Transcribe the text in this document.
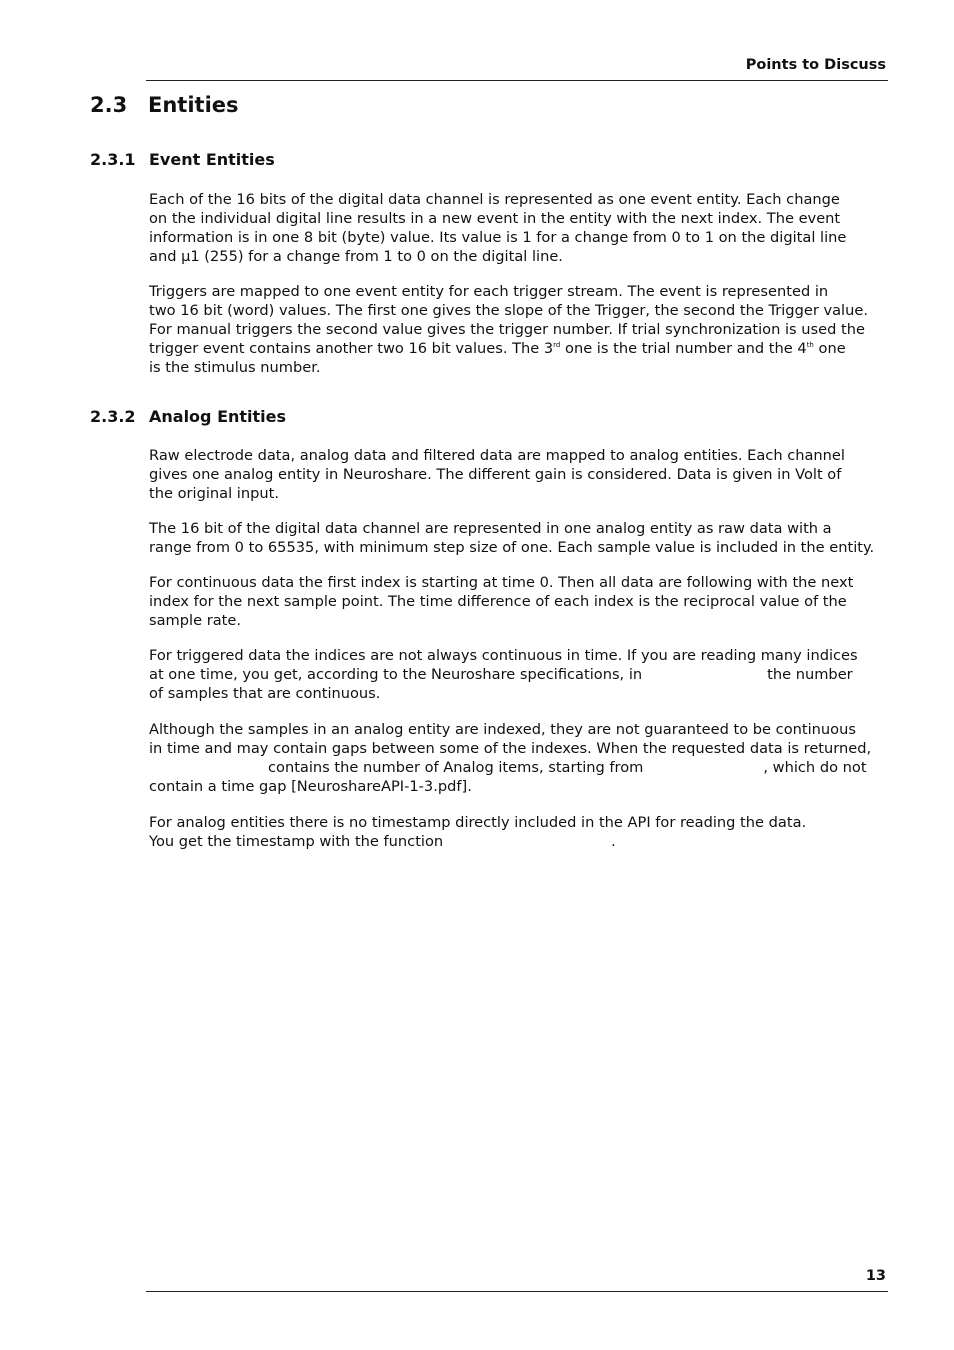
Points to Discuss
2.3 Entities
2.3.1 Event Entities
Each of the 16 bits of the digital data channel is represented as one event entity. Each change
on the individual digital line results in a new event in the entity with the next index. The event
information is in one 8 bit (byte) value. Its value is 1 for a change from 0 to 1 on the digital line
and µ1 (255) for a change from 1 to 0 on the digital line.
Triggers are mapped to one event entity for each trigger stream. The event is represented in
two 16 bit (word) values. The first one gives the slope of the Trigger, the second the Trigger value.
For manual triggers the second value gives the trigger number. If trial synchronization is used the
trigger event contains another two 16 bit values. The 3rd one is the trial number and the 4th one
is the stimulus number.
2.3.2 Analog Entities
Raw electrode data, analog data and filtered data are mapped to analog entities. Each channel
gives one analog entity in Neuroshare. The different gain is considered. Data is given in Volt of
the original input.
The 16 bit of the digital data channel are represented in one analog entity as raw data with a
range from 0 to 65535, with minimum step size of one. Each sample value is included in the entity.
For continuous data the first index is starting at time 0. Then all data are following with the next
index for the next sample point. The time difference of each index is the reciprocal value of the
sample rate.
For triggered data the indices are not always continuous in time. If you are reading many indices
at one time, you get, according to the Neuroshare specifications, in	the number
of samples that are continuous.
Although the samples in an analog entity are indexed, they are not guaranteed to be continuous
in time and may contain gaps between some of the indexes. When the requested data is returned,
contains the number of Analog items, starting from	, which do not
contain a time gap [NeuroshareAPI-1-3.pdf].
For analog entities there is no timestamp directly included in the API for reading the data.
You get the timestamp with the function	.
13
